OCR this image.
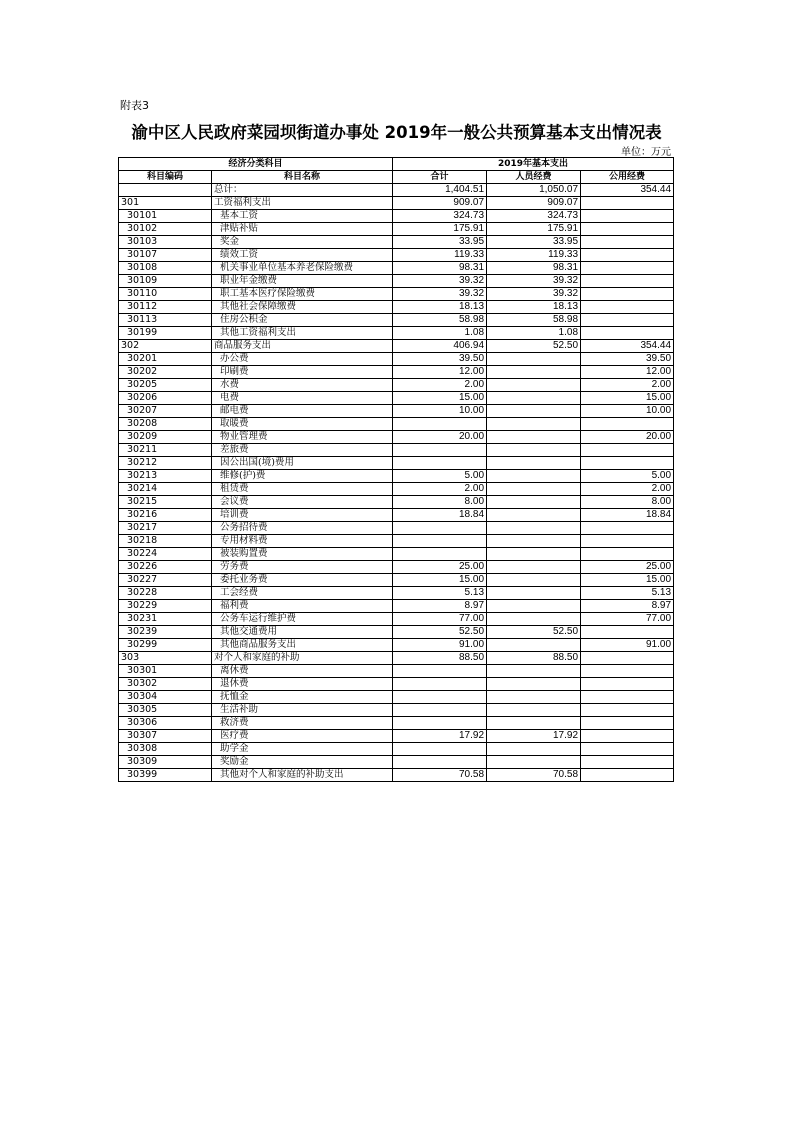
附表3
渝中区人民政府菜园坝街道办事处 2019年一般公共预算基本支出情况表
单位：万元
经济分类科目		2019年基本支出		
科目编码	科目名称	合计	人员经费	公用经费
	总计：	1,404.51	1,050.07	354.44
301	工资福利支出	909.07	909.07	
30101	基本工资	324.73	324.73	
30102	津贴补贴	175.91	175.91	
30103	奖金	33.95	33.95	
30107	绩效工资	119.33	119.33	
30108	机关事业单位基本养老保险缴费	98.31	98.31	
30109	职业年金缴费	39.32	39.32	
30110	职工基本医疗保险缴费	39.32	39.32	
30112	其他社会保障缴费	18.13	18.13	
30113	住房公积金	58.98	58.98	
30199	其他工资福利支出	1.08	1.08	
302	商品服务支出	406.94	52.50	354.44
30201	办公费	39.50		39.50
30202	印刷费	12.00		12.00
30205	水费	2.00		2.00
30206	电费	15.00		15.00
30207	邮电费	10.00		10.00
30208	取暖费			
30209	物业管理费	20.00		20.00
30211	差旅费			
30212	因公出国(境)费用			
30213	维修(护)费	5.00		5.00
30214	租赁费	2.00		2.00
30215	会议费	8.00		8.00
30216	培训费	18.84		18.84
30217	公务招待费			
30218	专用材料费			
30224	被装购置费			
30226	劳务费	25.00		25.00
30227	委托业务费	15.00		15.00
30228	工会经费	5.13		5.13
30229	福利费	8.97		8.97
30231	公务车运行维护费	77.00		77.00
30239	其他交通费用	52.50	52.50	
30299	其他商品服务支出	91.00		91.00
303	对个人和家庭的补助	88.50	88.50	
30301	离休费			
30302	退休费			
30304	抚恤金			
30305	生活补助			
30306	救济费			
30307	医疗费	17.92	17.92	
30308	助学金			
30309	奖励金			
30399	其他对个人和家庭的补助支出	70.58	70.58	
